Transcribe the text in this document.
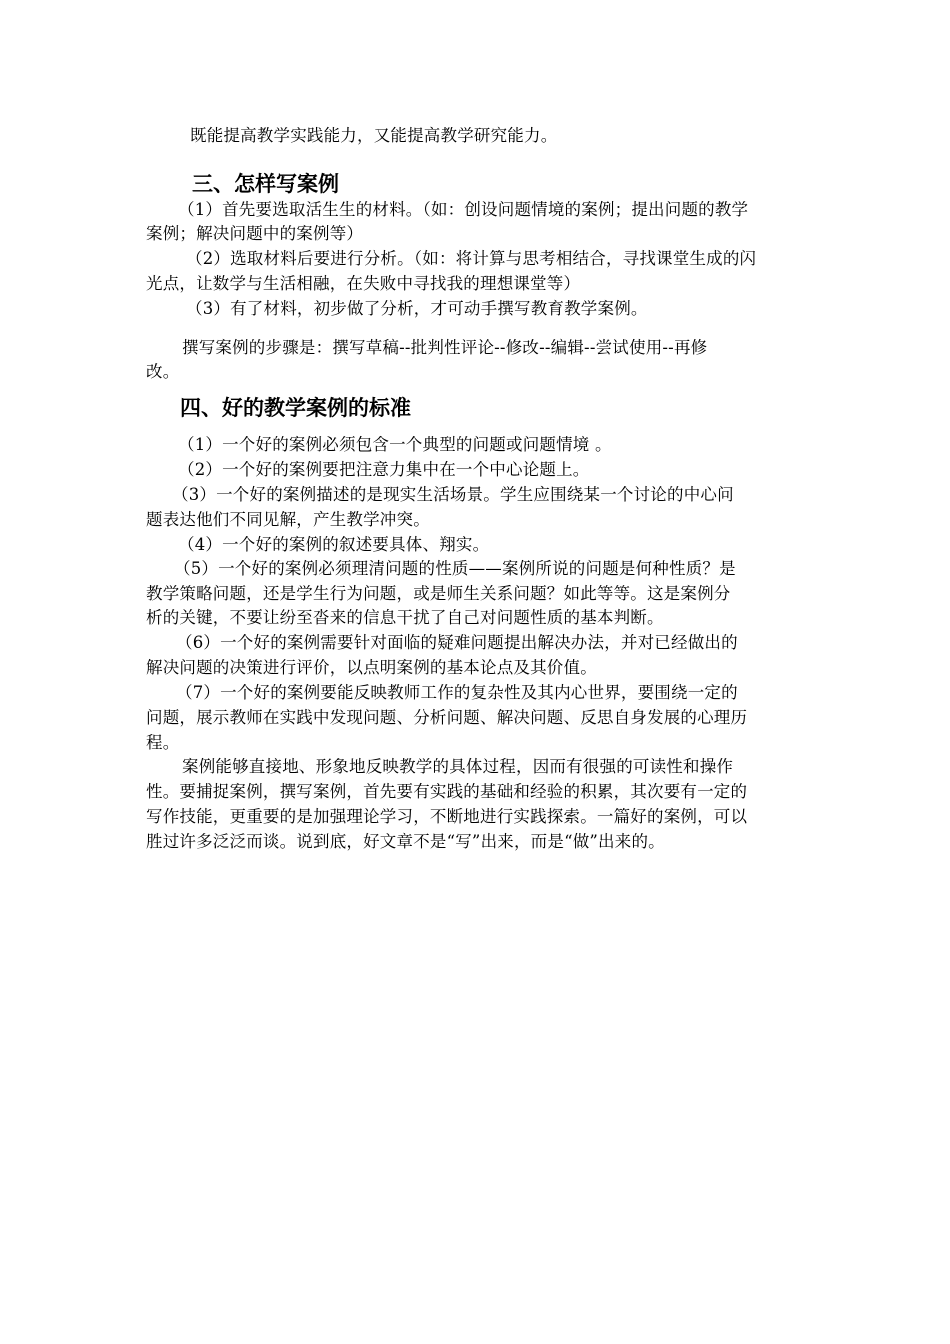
既能提高教学实践能力，又能提高教学研究能力。
三、怎样写案例
（1）首先要选取活生生的材料。（如：创设问题情境的案例；提出问题的教学
案例；解决问题中的案例等）
（2）选取材料后要进行分析。（如：将计算与思考相结合，寻找课堂生成的闪
光点，让数学与生活相融，在失败中寻找我的理想课堂等）
（3）有了材料，初步做了分析，才可动手撰写教育教学案例。
撰写案例的步骤是：撰写草稿--批判性评论--修改--编辑--尝试使用--再修
改。
四、好的教学案例的标准
（1）一个好的案例必须包含一个典型的问题或问题情境 。
（2）一个好的案例要把注意力集中在一个中心论题上。
（3）一个好的案例描述的是现实生活场景。学生应围绕某一个讨论的中心问
题表达他们不同见解，产生教学冲突。
（4）一个好的案例的叙述要具体、翔实。
（5）一个好的案例必须理清问题的性质——案例所说的问题是何种性质？是
教学策略问题，还是学生行为问题，或是师生关系问题？如此等等。这是案例分
析的关键，不要让纷至沓来的信息干扰了自己对问题性质的基本判断。
（6）一个好的案例需要针对面临的疑难问题提出解决办法，并对已经做出的
解决问题的决策进行评价，以点明案例的基本论点及其价值。
（7）一个好的案例要能反映教师工作的复杂性及其内心世界，要围绕一定的
问题，展示教师在实践中发现问题、分析问题、解决问题、反思自身发展的心理历
程。
案例能够直接地、形象地反映教学的具体过程，因而有很强的可读性和操作
性。要捕捉案例，撰写案例，首先要有实践的基础和经验的积累，其次要有一定的
写作技能，更重要的是加强理论学习，不断地进行实践探索。一篇好的案例，可以
胜过许多泛泛而谈。说到底，好文章不是“写”出来，而是“做”出来的。
